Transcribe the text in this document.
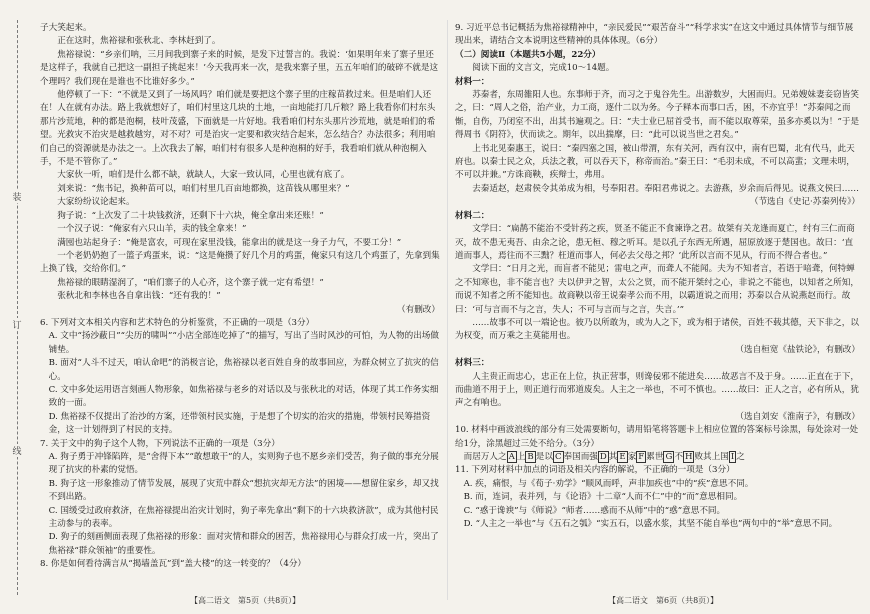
装
订
线

子大笑起来。

正在这时，焦裕禄和张秋北、李林赶到了。

焦裕禄说：“乡亲们呐，三月间我到寨子来的时候，是发下过誓言的。我说：‘如果明年来了寨子里还是这样子，我就自己把这一副担子挑起来！’今天我再来一次，是我来寨子里，五五年咱们的破碎不就是这个理吗？我们现在是谁也不比谁好多少。”

他停顿了一下：“不就是又到了一场风吗？咱们就是要把这个寨子里的庄稼苗救过来。但是咱们人还在！人在就有办法。路上我就想好了，咱们村里这几块的土地，一亩地能打几斤粮？路上我看你们村东头那片沙荒地，种的都是泡桐，枝叶茂盛，下面就是一片好地。我看咱们村东头那片沙荒地，就是咱们的希望。光救灾不治灾是越救越穷，对不对？可是治灾一定要和救灾结合起来，怎么结合？办法很多；利用咱们自己的资源就是办法之一。上次我去了解，咱们村有很多人是种泡桐的好手，我看咱们就从种泡桐入手，不是不管你了。”

大家伙一听，咱们是什么都不缺，就缺人，大家一致认同，心里也就有底了。

刘来说：“焦书记，换种苗可以，咱们村里几百亩地都换，这苗钱从哪里来？”

大家纷纷议论起来。

狗子说：“上次发了二十块钱救济，还剩下十六块，俺全拿出来还账！”

一个汉子说：“俺家有六只山羊，卖的钱全拿来！”

满囤也站起身子：“俺是富农，可现在家里没钱，能拿出的就是这一身子力气，不要工分！”

一个老奶奶抱了一篮子鸡蛋来，说：“这是俺攒了好几个月的鸡蛋，俺家只有这几个鸡蛋了，先拿到集上换了钱，交给你们。”

焦裕禄的眼睛湿润了，“咱们寨子的人心齐，这个寨子就一定有希望！”

张秋北和李林也各自拿出钱：“还有我的！”

（有删改）

6. 下列对文本相关内容和艺术特色的分析鉴赏，不正确的一项是（3分）

A. 文中“扬沙蔽日”“尖历的啸叫”“小店全部连吃掉了”的描写，写出了当时风沙的可怕，为人物的出场做铺垫。

B. 面对“人斗不过天，咱认命吧”的消极言论，焦裕禄以老百姓自身的故事回应，为群众树立了抗灾的信心。

C. 文中多处运用语言刻画人物形象，如焦裕禄与老乡的对话以及与张秋北的对话，体现了其工作务实细致的一面。

D. 焦裕禄不仅提出了治沙的方案，还带领村民实施，于是想了个切实的治灾的措施，带领村民筹措资金，这一计划得到了村民的支持。

7. 关于文中的狗子这个人物，下列说法不正确的一项是（3分）

A. 狗子勇于冲锋陷阵，是“舍得下本”“敢想敢干”的人，实则狗子也不愿乡亲们受苦，狗子做的事充分展现了抗灾的朴素的觉悟。

B. 狗子这一形象推动了情节发展，展现了灾荒中群众“想抗灾却无方法”的困境——想留住家乡，却又找不到出路。

C. 国缓受过政府救济，在焦裕禄提出治灾计划时，狗子率先拿出“剩下的十六块救济款”，成为其他村民主动参与的表率。

D. 狗子的刻画侧面表现了焦裕禄的形象：面对灾情和群众的困苦，焦裕禄用心与群众打成一片，突出了焦裕禄“群众领袖”的重要性。

8. 你是如何看待满言从“揭墙盖瓦”到“盖大楼”的这一转变的？（4分）

9. 习近平总书记概括为焦裕禄精神中，“亲民爱民”“艰苦奋斗”“科学求实”在这文中通过具体情节与细节展现出来，请结合文本说明这些精神的具体体现。（6分）

（二）阅读Ⅱ（本题共5小题，22分）

阅读下面的文言文，完成10～14题。

材料一：

苏秦者，东周雒阳人也。东事师于齐，而习之于鬼谷先生。出游数岁，大困而归。兄弟嫂妹妻妾窃皆笑之，曰：“周人之俗，治产业，力工商，逐什二以为务。今子释本而事口舌，困，不亦宜乎！”苏秦闻之而惭，自伤，乃闭室不出，出其书遍观之。曰：“夫士业已屈首受书，而不能以取尊荣，虽多亦奚以为！”于是得周书《阴符》，伏而读之。期年，以出揣摩，曰：“此可以说当世之君矣。”

上书北见秦惠王，说曰：“秦四塞之国，被山带渭，东有关河，西有汉中，南有巴蜀，北有代马，此天府也。以秦士民之众，兵法之教，可以吞天下，称帝而治。”秦王曰：“毛羽未成，不可以高蜚；文理未明，不可以并兼。”方诛商鞅，疾辩士，弗用。

去秦适赵，赵肃侯令其弟成为相，号奉阳君。奉阳君弗说之。去游燕，岁余而后得见。说燕文侯曰……

（节选自《史记·苏秦列传》）

材料二：

文学曰：“扁鹊不能治不受针药之疾，贤圣不能正不食谏诤之君。故桀有关龙逢而夏亡，纣有三仁而商灭，故不患无夷吾、由余之论，患无桓、穆之听耳。是以孔子东西无所遇，屈原放逐于楚国也。故曰：‘直道而事人，焉往而不三黜？枉道而事人，何必去父母之邦？’此所以言而不见从，行而不得合者也。”

文学曰：“日月之光，而盲者不能见；雷电之声，而聋人不能闻。夫为不知者言，若语于喑聋，何特蝉之不知寒也，非不能言也？夫以伊尹之智，太公之贤，而不能开桀纣之心，非说之不能也，以知者之所知，而说不知者之所不能知也。故商鞅以帝王说秦孝公而不用，以霸道说之而用；苏秦以合从说燕赵而行。故曰：‘可与言而不与之言，失人；不可与言而与之言，失言。’”

……故事不可以一端论也。彼乃以所敢为，或为人之下，或为相于诸侯，百姓不载其德，天下非之，以为权变，而万乘之主莫能用也。

（选自桓宽《盐铁论》，有删改）

材料三：

人主贵正而忠心，忠正在上位，执正营事，则谗佞邪不能进矣……故恶言不及于身。……正直在于下，而曲道不用于上，则正道行而邪道废矣。人主之一举也，不可不慎也。……故曰：正人之言，必有所从，犹声之有响也。

（选自刘安《淮南子》，有删改）

10. 材料中画波浪线的部分有三处需要断句，请用铅笔将答题卡上相应位置的答案标号涂黑，每处涂对一处给1分，涂黑超过三处不给分。（3分）

而居万人之 A 上 B 是以 C 奉国而强 D 其 E 家 F 累世 G 不 H 败其上国 I 之

11. 下列对材料中加点的词语及相关内容的解说，不正确的一项是（3分）

A. 疾，痛恨，与《荀子·劝学》“顺风而呼，声非加疾也”中的“疾”意思不同。

B. 而，连词，表并列，与《论语》十二章“人而不仁”中的“而”意思相同。

C. “惑于谗谀”与《师说》“师者……惑而不从师”中的“惑”意思不同。

D. “人主之一举也”与《五石之瓠》“实五石，以盛水浆，其坚不能自举也”两句中的“举”意思不同。

【高二语文　第5页（共8页）】	【高二语文　第6页（共8页）】
